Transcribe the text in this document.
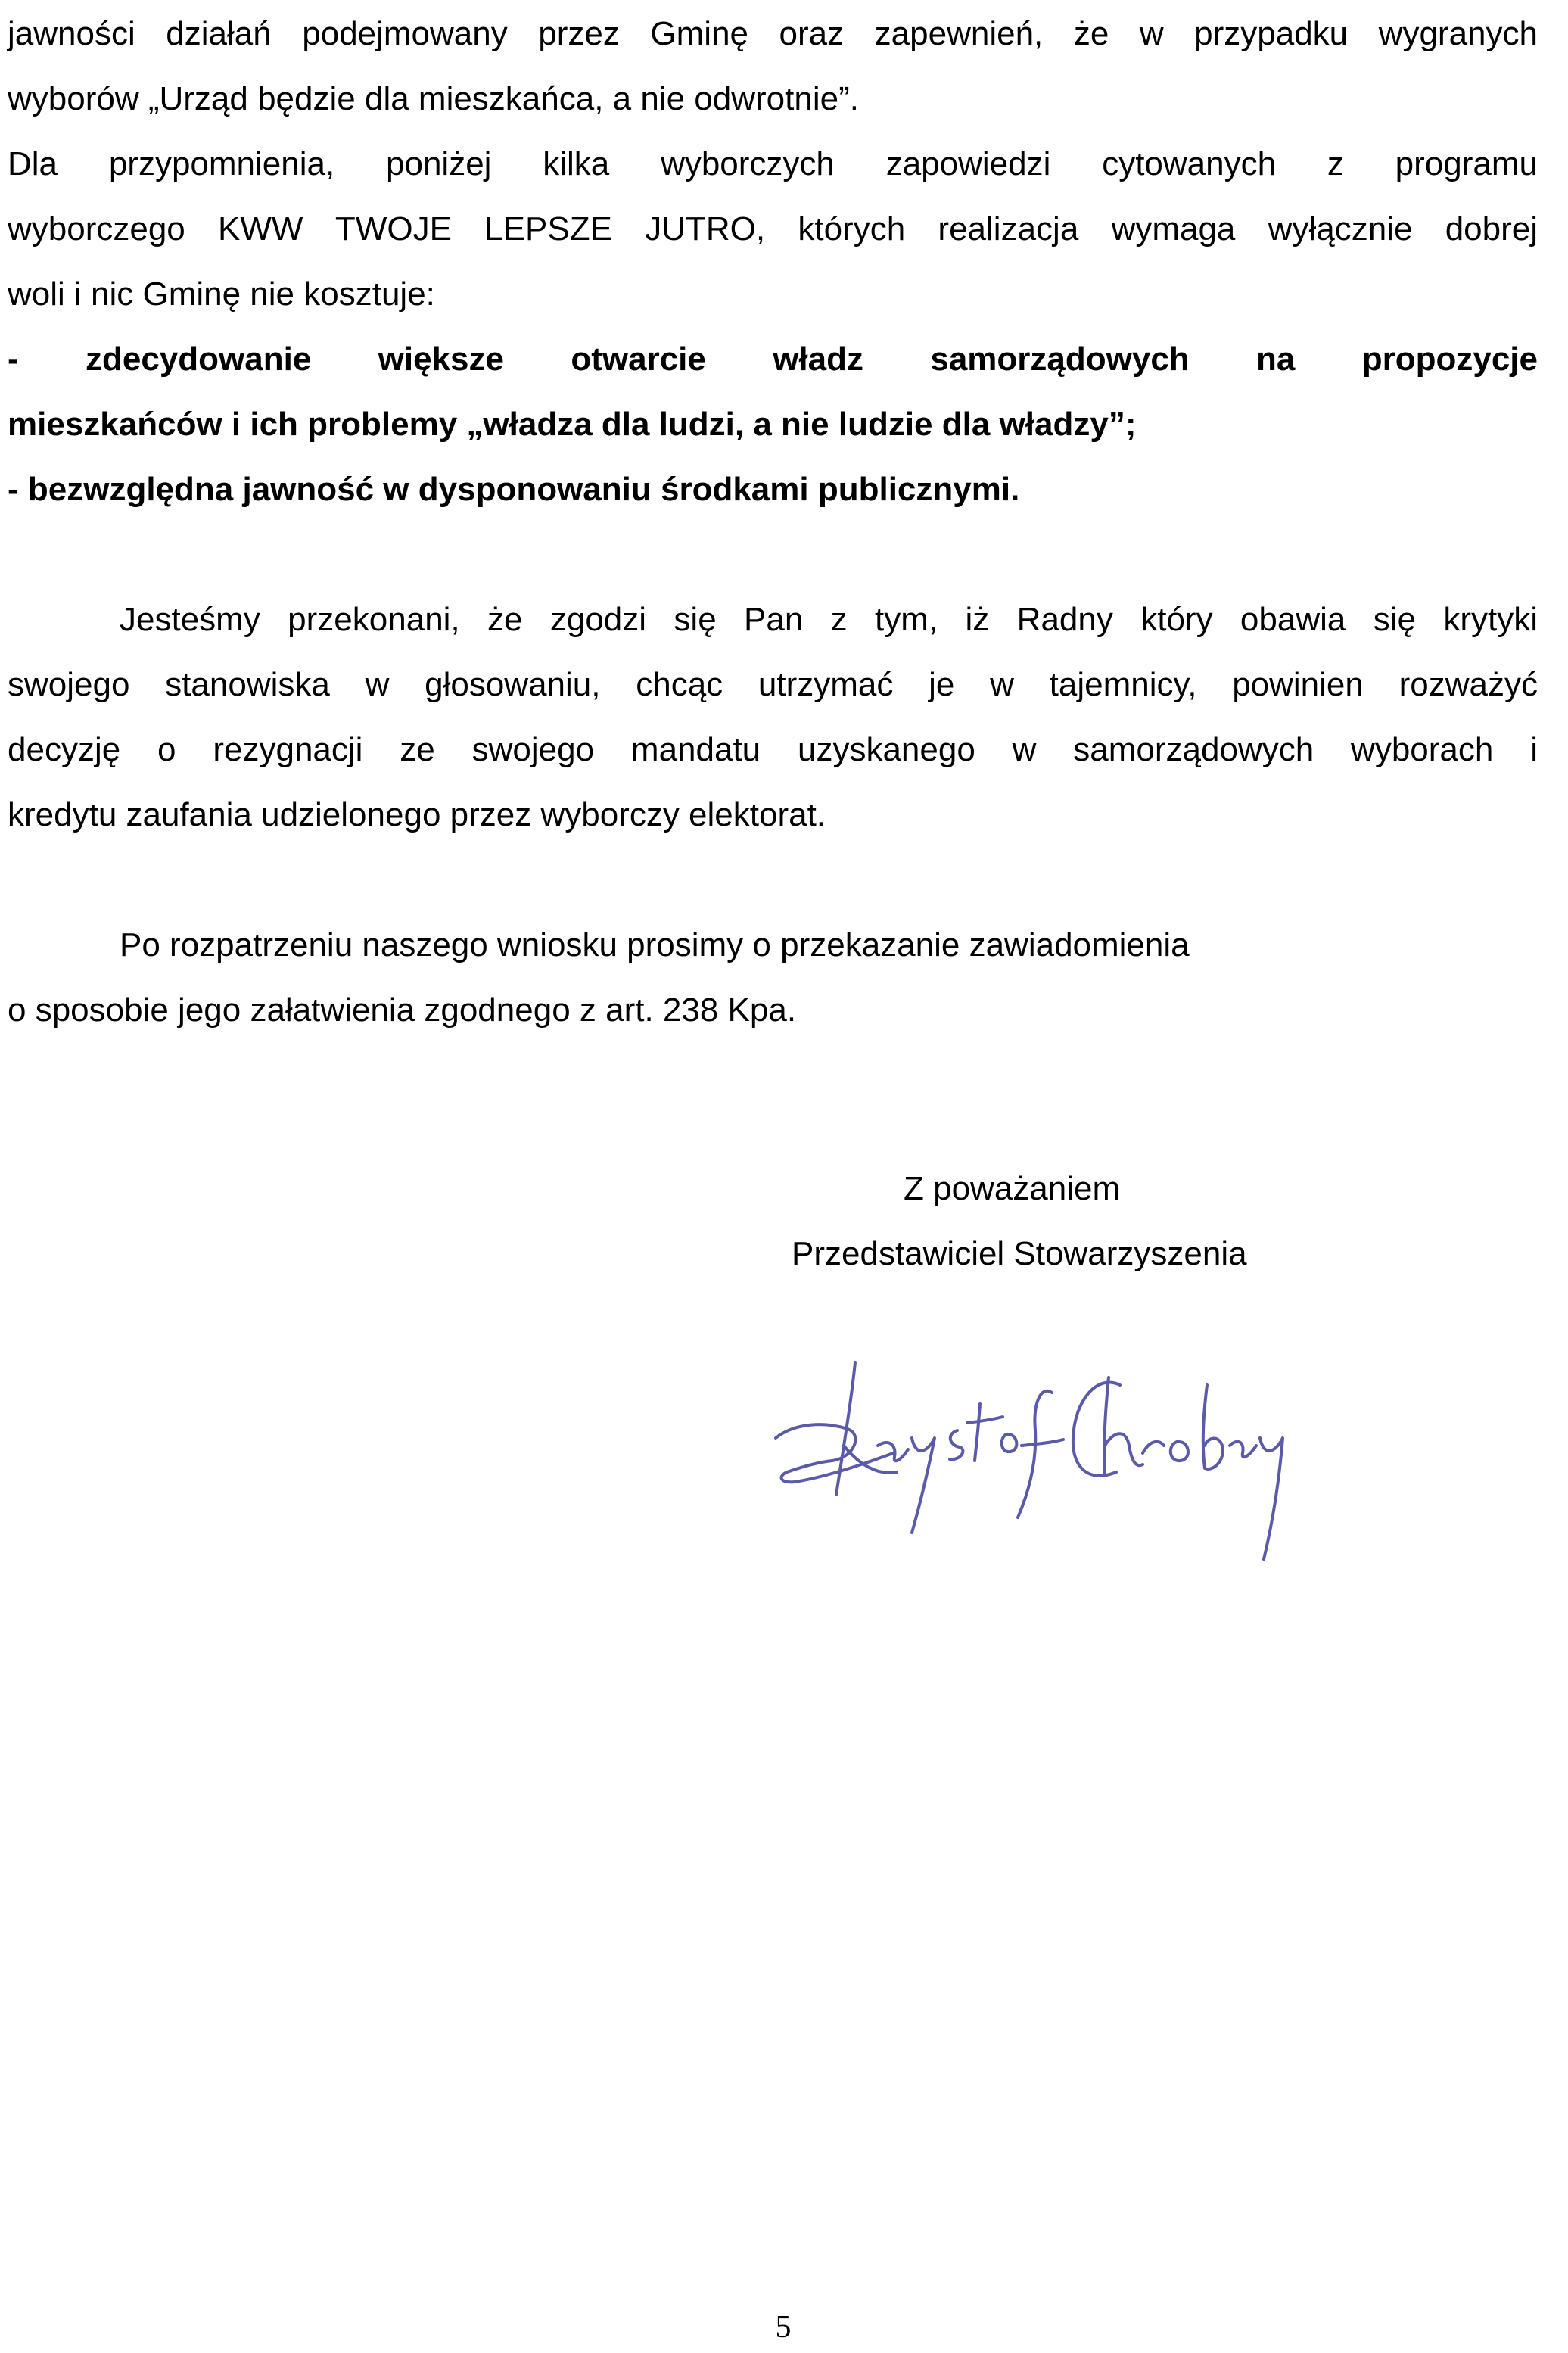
jawności działań podejmowany przez Gminę oraz zapewnień, że w przypadku wygranych
wyborów „Urząd będzie dla mieszkańca, a nie odwrotnie”.
Dla przypomnienia, poniżej kilka wyborczych zapowiedzi cytowanych z programu
wyborczego KWW TWOJE LEPSZE JUTRO, których realizacja wymaga wyłącznie dobrej
woli i nic Gminę nie kosztuje:
- zdecydowanie większe otwarcie władz samorządowych na propozycje
mieszkańców i ich problemy „władza dla ludzi, a nie ludzie dla władzy”;
- bezwzględna jawność w dysponowaniu środkami publicznymi.
Jesteśmy przekonani, że zgodzi się Pan z tym, iż Radny który obawia się krytyki
swojego stanowiska w głosowaniu, chcąc utrzymać je w tajemnicy, powinien rozważyć
decyzję o rezygnacji ze swojego mandatu uzyskanego w samorządowych wyborach i
kredytu zaufania udzielonego przez wyborczy elektorat.
Po rozpatrzeniu naszego wniosku prosimy o przekazanie zawiadomienia
o sposobie jego załatwienia zgodnego z art. 238 Kpa.
Z poważaniem
Przedstawiciel Stowarzyszenia
5
